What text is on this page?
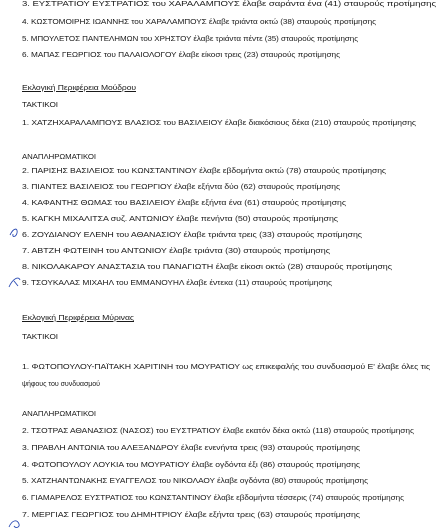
3. ΕΥΣΤΡΑΤΙΟΥ ΕΥΣΤΡΑΤΙΟΣ του ΧΑΡΑΛΑΜΠΟΥΣ έλαβε σαράντα ένα (41) σταυρούς προτίμησης
4. ΚΩΣΤΟΜΟΙΡΗΣ ΙΩΑΝΝΗΣ του ΧΑΡΑΛΑΜΠΟΥΣ έλαβε τριάντα οκτώ (38) σταυρούς προτίμησης
5. ΜΠΟΥΛΕΤΟΣ ΠΑΝΤΕΛΗΜΩΝ του ΧΡΗΣΤΟΥ έλαβε τριάντα πέντε (35) σταυρούς προτίμησης
6. ΜΑΠΑΣ ΓΕΩΡΓΙΟΣ του ΠΑΛΑΙΟΛΟΓΟΥ έλαβε είκοσι τρεις (23) σταυρούς προτίμησης
Εκλογική Περιφέρεια Μούδρου
ΤΑΚΤΙΚΟΙ
1. ΧΑΤΖΗΧΑΡΑΛΑΜΠΟΥΣ ΒΛΑΣΙΟΣ του ΒΑΣΙΛΕΙΟΥ έλαβε διακόσιους δέκα (210) σταυρούς προτίμησης
ΑΝΑΠΛΗΡΩΜΑΤΙΚΟΙ
2. ΠΑΡΙΣΗΣ ΒΑΣΙΛΕΙΟΣ του ΚΩΝΣΤΑΝΤΙΝΟΥ έλαβε εβδομήντα οκτώ (78) σταυρούς προτίμησης
3. ΠΙΑΝΤΕΣ ΒΑΣΙΛΕΙΟΣ του ΓΕΩΡΓΙΟΥ έλαβε εξήντα δύο (62) σταυρούς προτίμησης
4. ΚΑΦΑΝΤΗΣ ΘΩΜΑΣ του ΒΑΣΙΛΕΙΟΥ έλαβε εξήντα ένα (61) σταυρούς προτίμησης
5. ΚΑΓΚΗ ΜΙΧΑΛΙΤΣΑ συζ. ΑΝΤΩΝΙΟΥ έλαβε πενήντα (50) σταυρούς προτίμησης
6. ΖΟΥΔΙΑΝΟΥ ΕΛΕΝΗ του ΑΘΑΝΑΣΙΟΥ έλαβε τριάντα τρεις (33) σταυρούς προτίμησης
7. ΑΒΤΖΗ ΦΩΤΕΙΝΗ του ΑΝΤΩΝΙΟΥ έλαβε τριάντα (30) σταυρούς προτίμησης
8. ΝΙΚΟΛΑΚΑΡΟΥ ΑΝΑΣΤΑΣΙΑ του ΠΑΝΑΓΙΩΤΗ έλαβε είκοσι οκτώ (28) σταυρούς προτίμησης
9. ΤΣΟΥΚΑΛΑΣ ΜΙΧΑΗΛ του ΕΜΜΑΝΟΥΗΛ έλαβε έντεκα (11) σταυρούς προτίμησης
Εκλογική Περιφέρεια Μύρινας
ΤΑΚΤΙΚΟΙ
1. ΦΩΤΟΠΟΥΛΟΥ-ΠΑΪΤΑΚΗ ΧΑΡΙΤΙΝΗ του ΜΟΥΡΑΤΙΟΥ ως επικεφαλής του συνδυασμού Ε' έλαβε όλες τις
ψήφους του συνδυασμού
ΑΝΑΠΛΗΡΩΜΑΤΙΚΟΙ
2. ΤΣΟΤΡΑΣ ΑΘΑΝΑΣΙΟΣ (ΝΑΣΟΣ) του ΕΥΣΤΡΑΤΙΟΥ έλαβε εκατόν δέκα οκτώ (118) σταυρούς προτίμησης
3. ΠΡΑΒΛΗ ΑΝΤΩΝΙΑ του ΑΛΕΞΑΝΔΡΟΥ έλαβε ενενήντα τρεις (93) σταυρούς προτίμησης
4. ΦΩΤΟΠΟΥΛΟΥ ΛΟΥΚΙΑ του ΜΟΥΡΑΤΙΟΥ έλαβε ογδόντα έξι (86) σταυρούς προτίμησης
5. ΧΑΤΖΗΑΝΤΩΝΑΚΗΣ ΕΥΑΓΓΕΛΟΣ του ΝΙΚΟΛΑΟΥ έλαβε ογδόντα (80) σταυρούς προτίμησης
6. ΓΙΑΜΑΡΕΛΟΣ ΕΥΣΤΡΑΤΙΟΣ του ΚΩΝΣΤΑΝΤΙΝΟΥ έλαβε εβδομήντα τέσσερις (74) σταυρούς προτίμησης
7. ΜΕΡΓΙΑΣ ΓΕΩΡΓΙΟΣ του ΔΗΜΗΤΡΙΟΥ έλαβε εξήντα τρεις (63) σταυρούς προτίμησης
